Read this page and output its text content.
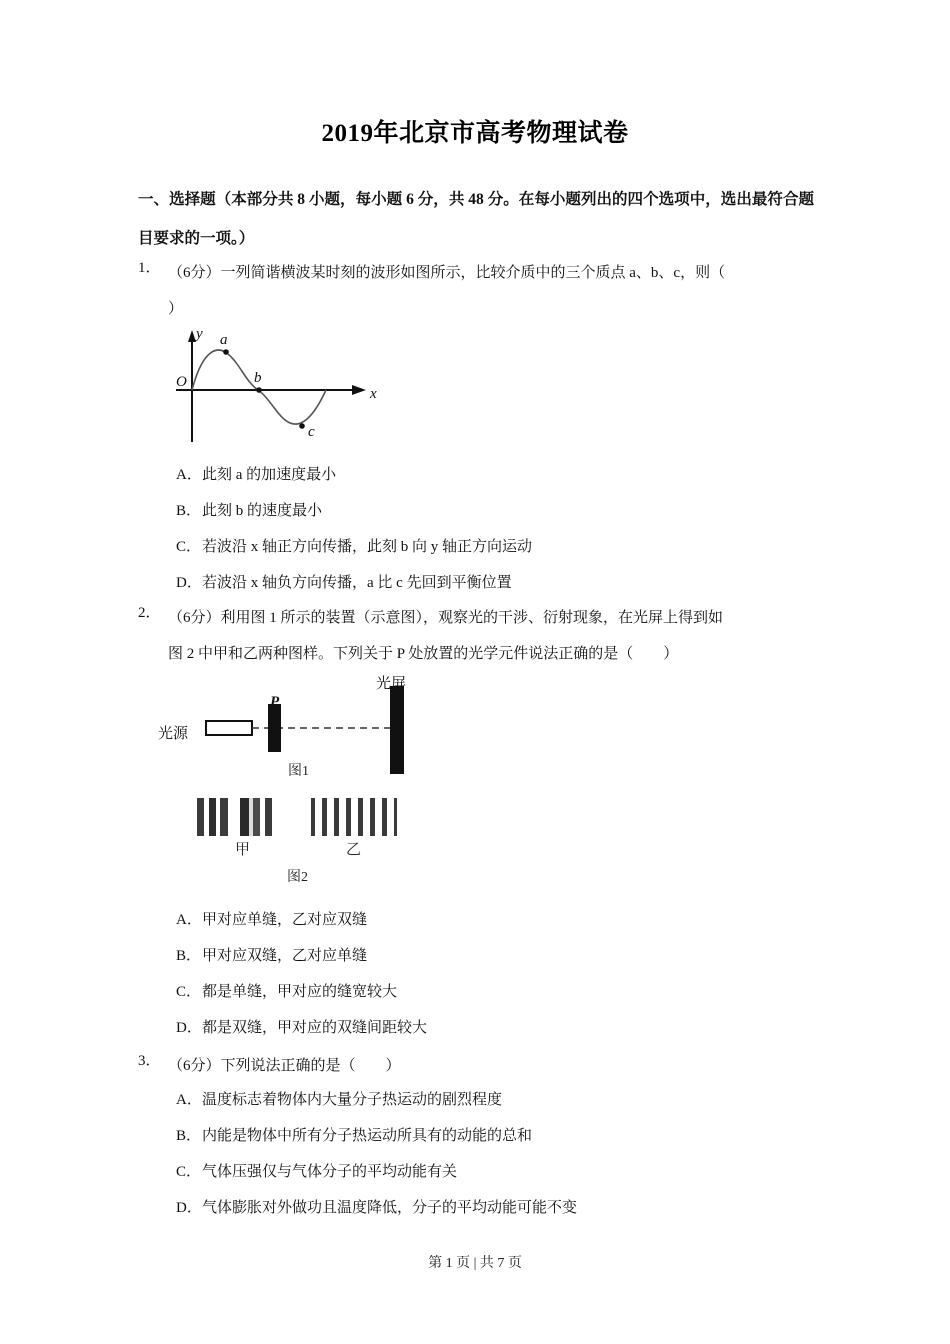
2019年北京市高考物理试卷
一、选择题（本部分共 8 小题，每小题 6 分，共 48 分。在每小题列出的四个选项中，选出最符合题目要求的一项。）
1． （6分）一列简谐横波某时刻的波形如图所示，比较介质中的三个质点 a、b、c，则（
）
a
b
c
O
y
x
A．此刻 a 的加速度最小
B．此刻 b 的速度最小
C．若波沿 x 轴正方向传播，此刻 b 向 y 轴正方向运动
D．若波沿 x 轴负方向传播，a 比 c 先回到平衡位置
2． （6分）利用图 1 所示的装置（示意图），观察光的干涉、衍射现象，在光屏上得到如
图 2 中甲和乙两种图样。下列关于 P 处放置的光学元件说法正确的是（　　）
光源
光屏
P
图1
甲	乙
图2
A．甲对应单缝，乙对应双缝
B．甲对应双缝，乙对应单缝
C．都是单缝，甲对应的缝宽较大
D．都是双缝，甲对应的双缝间距较大
3． （6分）下列说法正确的是（　　）
A．温度标志着物体内大量分子热运动的剧烈程度
B．内能是物体中所有分子热运动所具有的动能的总和
C．气体压强仅与气体分子的平均动能有关
D．气体膨胀对外做功且温度降低，分子的平均动能可能不变
第 1 页 | 共 7 页
